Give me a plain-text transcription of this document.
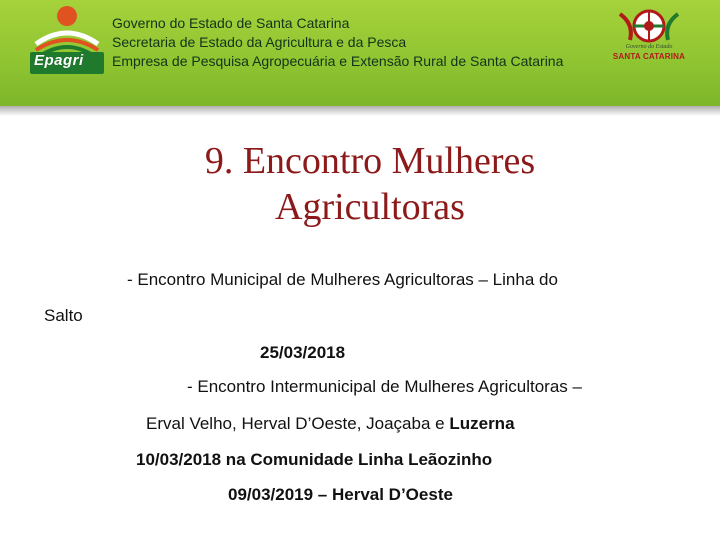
Epagri
Governo do Estado de Santa Catarina
Secretaria de Estado da Agricultura e da Pesca
Empresa de Pesquisa Agropecuária e Extensão Rural de Santa Catarina
Governo do Estado
SANTA CATARINA
9. Encontro Mulheres
Agricultoras
- Encontro Municipal de Mulheres Agricultoras – Linha do
Salto
25/03/2018
- Encontro Intermunicipal de Mulheres Agricultoras –
Erval Velho, Herval D’Oeste, Joaçaba e Luzerna
10/03/2018 na Comunidade Linha Leãozinho
09/03/2019 – Herval D’Oeste
